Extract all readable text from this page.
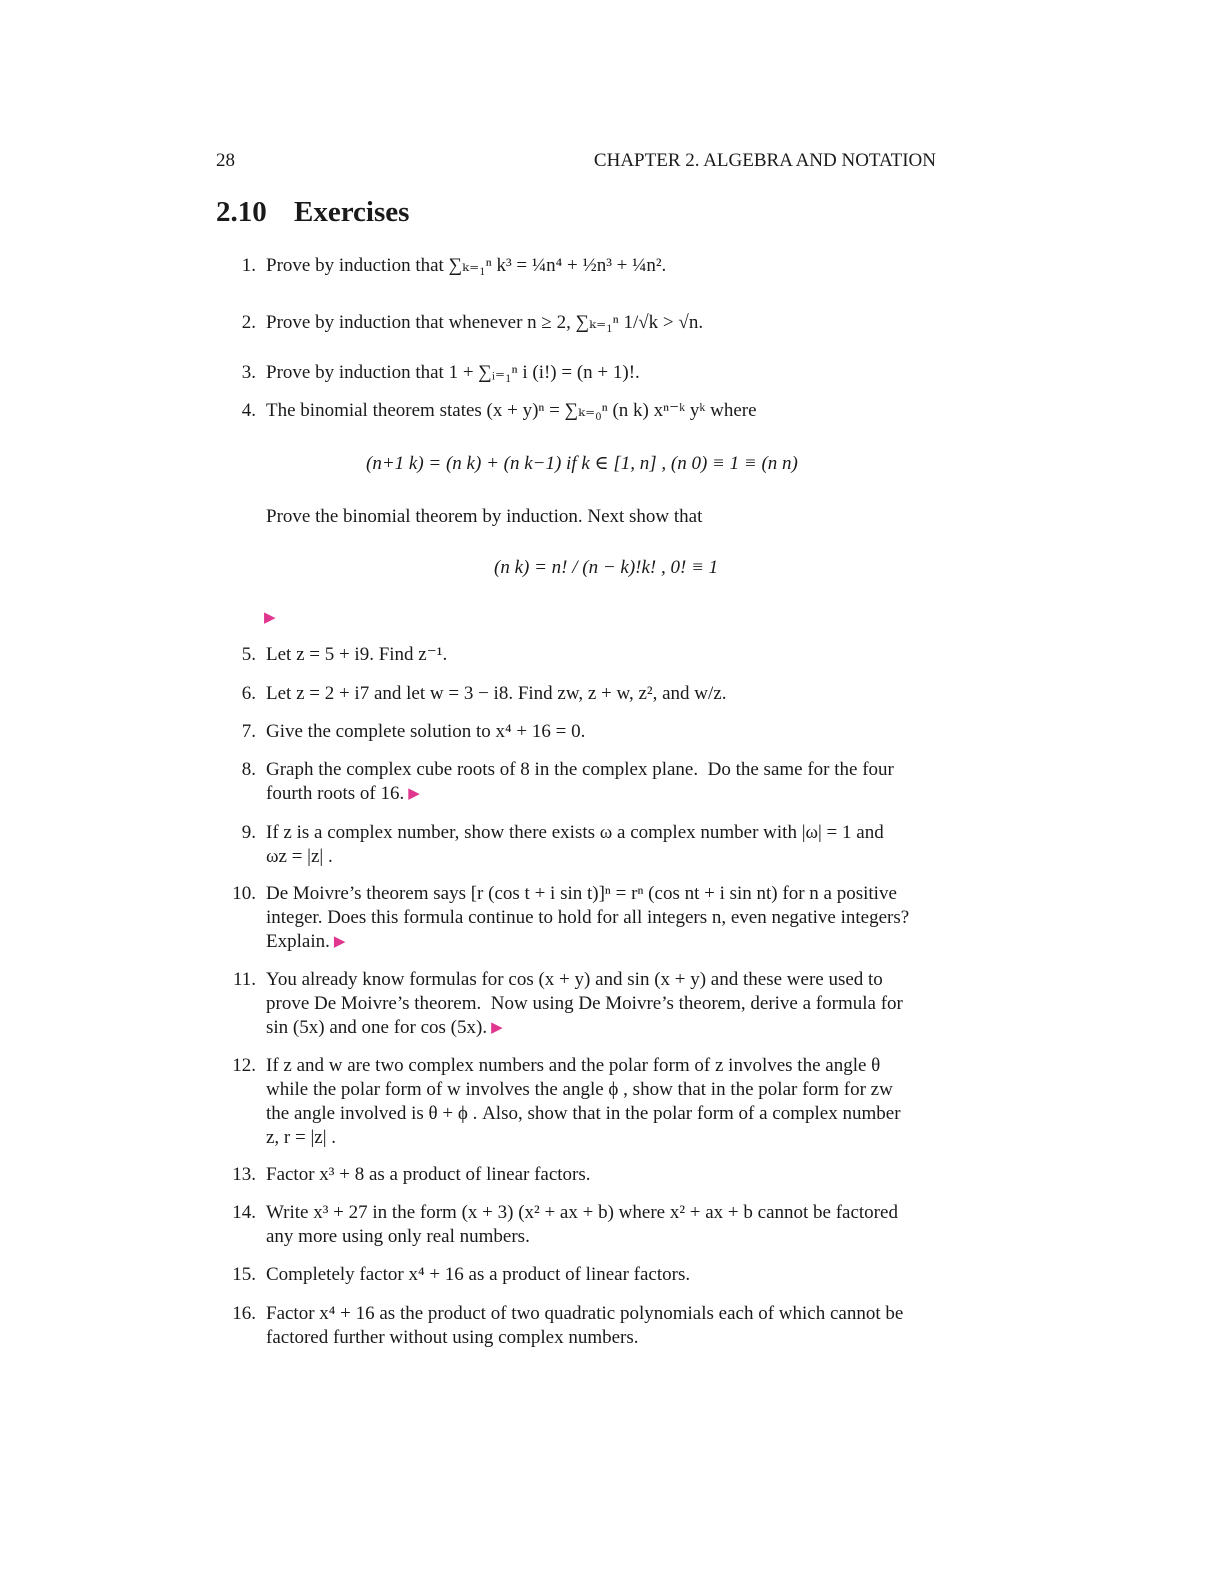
28	CHAPTER 2. ALGEBRA AND NOTATION
2.10 Exercises
1. Prove by induction that ∑ₖ₌₁ⁿ k³ = ¼n⁴ + ½n³ + ¼n².
2. Prove by induction that whenever n ≥ 2, ∑ₖ₌₁ⁿ 1/√k > √n.
3. Prove by induction that 1 + ∑ᵢ₌₁ⁿ i (i!) = (n + 1)!.
4. The binomial theorem states (x + y)ⁿ = ∑ₖ₌₀ⁿ (n k) xⁿ⁻ᵏ yᵏ where
(n+1 k) = (n k) + (n k−1) if k ∈ [1, n] , (n 0) ≡ 1 ≡ (n n)
Prove the binomial theorem by induction. Next show that
(n k) = n! / (n − k)!k! , 0! ≡ 1
▶
5. Let z = 5 + i9. Find z⁻¹.
6. Let z = 2 + i7 and let w = 3 − i8. Find zw, z + w, z², and w/z.
7. Give the complete solution to x⁴ + 16 = 0.
8. Graph the complex cube roots of 8 in the complex plane.  Do the same for the four
fourth roots of 16. ▶
9. If z is a complex number, show there exists ω a complex number with |ω| = 1 and
ωz = |z| .
10. De Moivre’s theorem says [r (cos t + i sin t)]ⁿ = rⁿ (cos nt + i sin nt) for n a positive
integer. Does this formula continue to hold for all integers n, even negative integers?
Explain. ▶
11. You already know formulas for cos (x + y) and sin (x + y) and these were used to
prove De Moivre’s theorem.  Now using De Moivre’s theorem, derive a formula for
sin (5x) and one for cos (5x). ▶
12. If z and w are two complex numbers and the polar form of z involves the angle θ
while the polar form of w involves the angle ϕ , show that in the polar form for zw
the angle involved is θ + ϕ . Also, show that in the polar form of a complex number
z, r = |z| .
13. Factor x³ + 8 as a product of linear factors.
14. Write x³ + 27 in the form (x + 3) (x² + ax + b) where x² + ax + b cannot be factored
any more using only real numbers.
15. Completely factor x⁴ + 16 as a product of linear factors.
16. Factor x⁴ + 16 as the product of two quadratic polynomials each of which cannot be
factored further without using complex numbers.
